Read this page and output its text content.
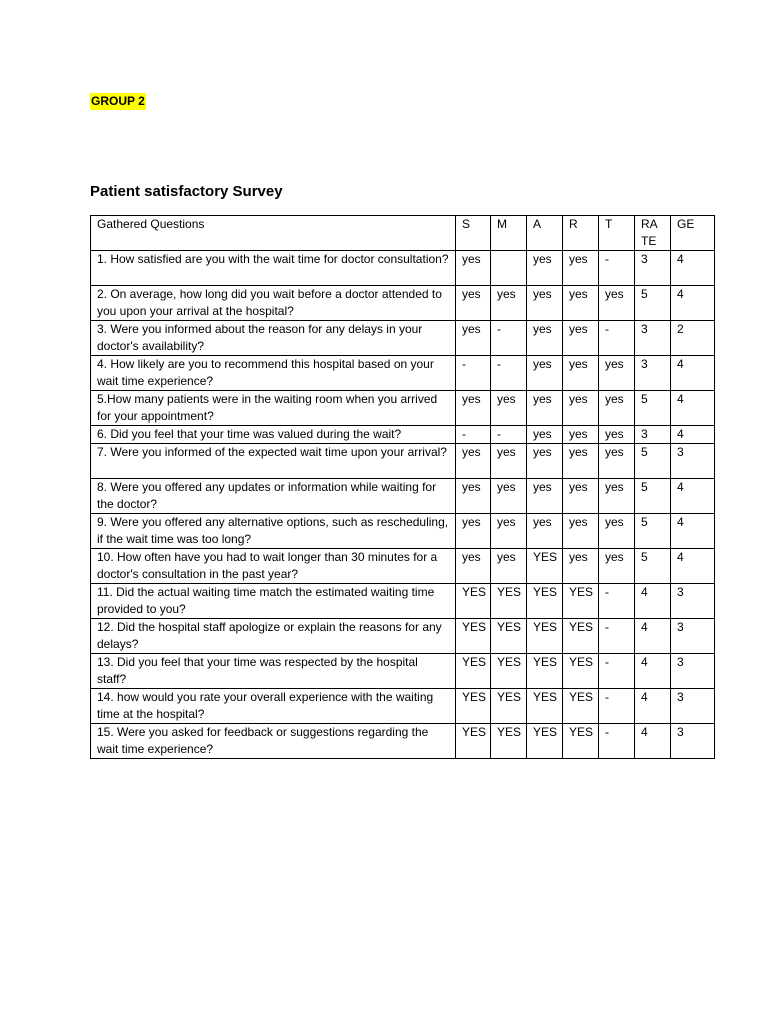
GROUP 2
Patient satisfactory Survey
Gathered Questions	S	M	A	R	T	RA TE	GE
1. How satisfied are you with the wait time for doctor consultation?	yes		yes	yes	-	3	4
2. On average, how long did you wait before a doctor attended to you upon your arrival at the hospital?	yes	yes	yes	yes	yes	5	4
3. Were you informed about the reason for any delays in your doctor's availability?	yes	-	yes	yes	-	3	2
4. How likely are you to recommend this hospital based on your wait time experience?	-	-	yes	yes	yes	3	4
5.How many patients were in the waiting room when you arrived for your appointment?	yes	yes	yes	yes	yes	5	4
6. Did you feel that your time was valued during the wait?	-	-	yes	yes	yes	3	4
7. Were you informed of the expected wait time upon your arrival?	yes	yes	yes	yes	yes	5	3
8. Were you offered any updates or information while waiting for the doctor?	yes	yes	yes	yes	yes	5	4
9. Were you offered any alternative options, such as rescheduling, if the wait time was too long?	yes	yes	yes	yes	yes	5	4
10. How often have you had to wait longer than 30 minutes for a doctor's consultation in the past year?	yes	yes	YES	yes	yes	5	4
11. Did the actual waiting time match the estimated waiting time provided to you?	YES	YES	YES	YES	-	4	3
12. Did the hospital staff apologize or explain the reasons for any delays?	YES	YES	YES	YES	-	4	3
13. Did you feel that your time was respected by the hospital staff?	YES	YES	YES	YES	-	4	3
14. how would you rate your overall experience with the waiting time at the hospital?	YES	YES	YES	YES	-	4	3
15. Were you asked for feedback or suggestions regarding the wait time experience?	YES	YES	YES	YES	-	4	3
